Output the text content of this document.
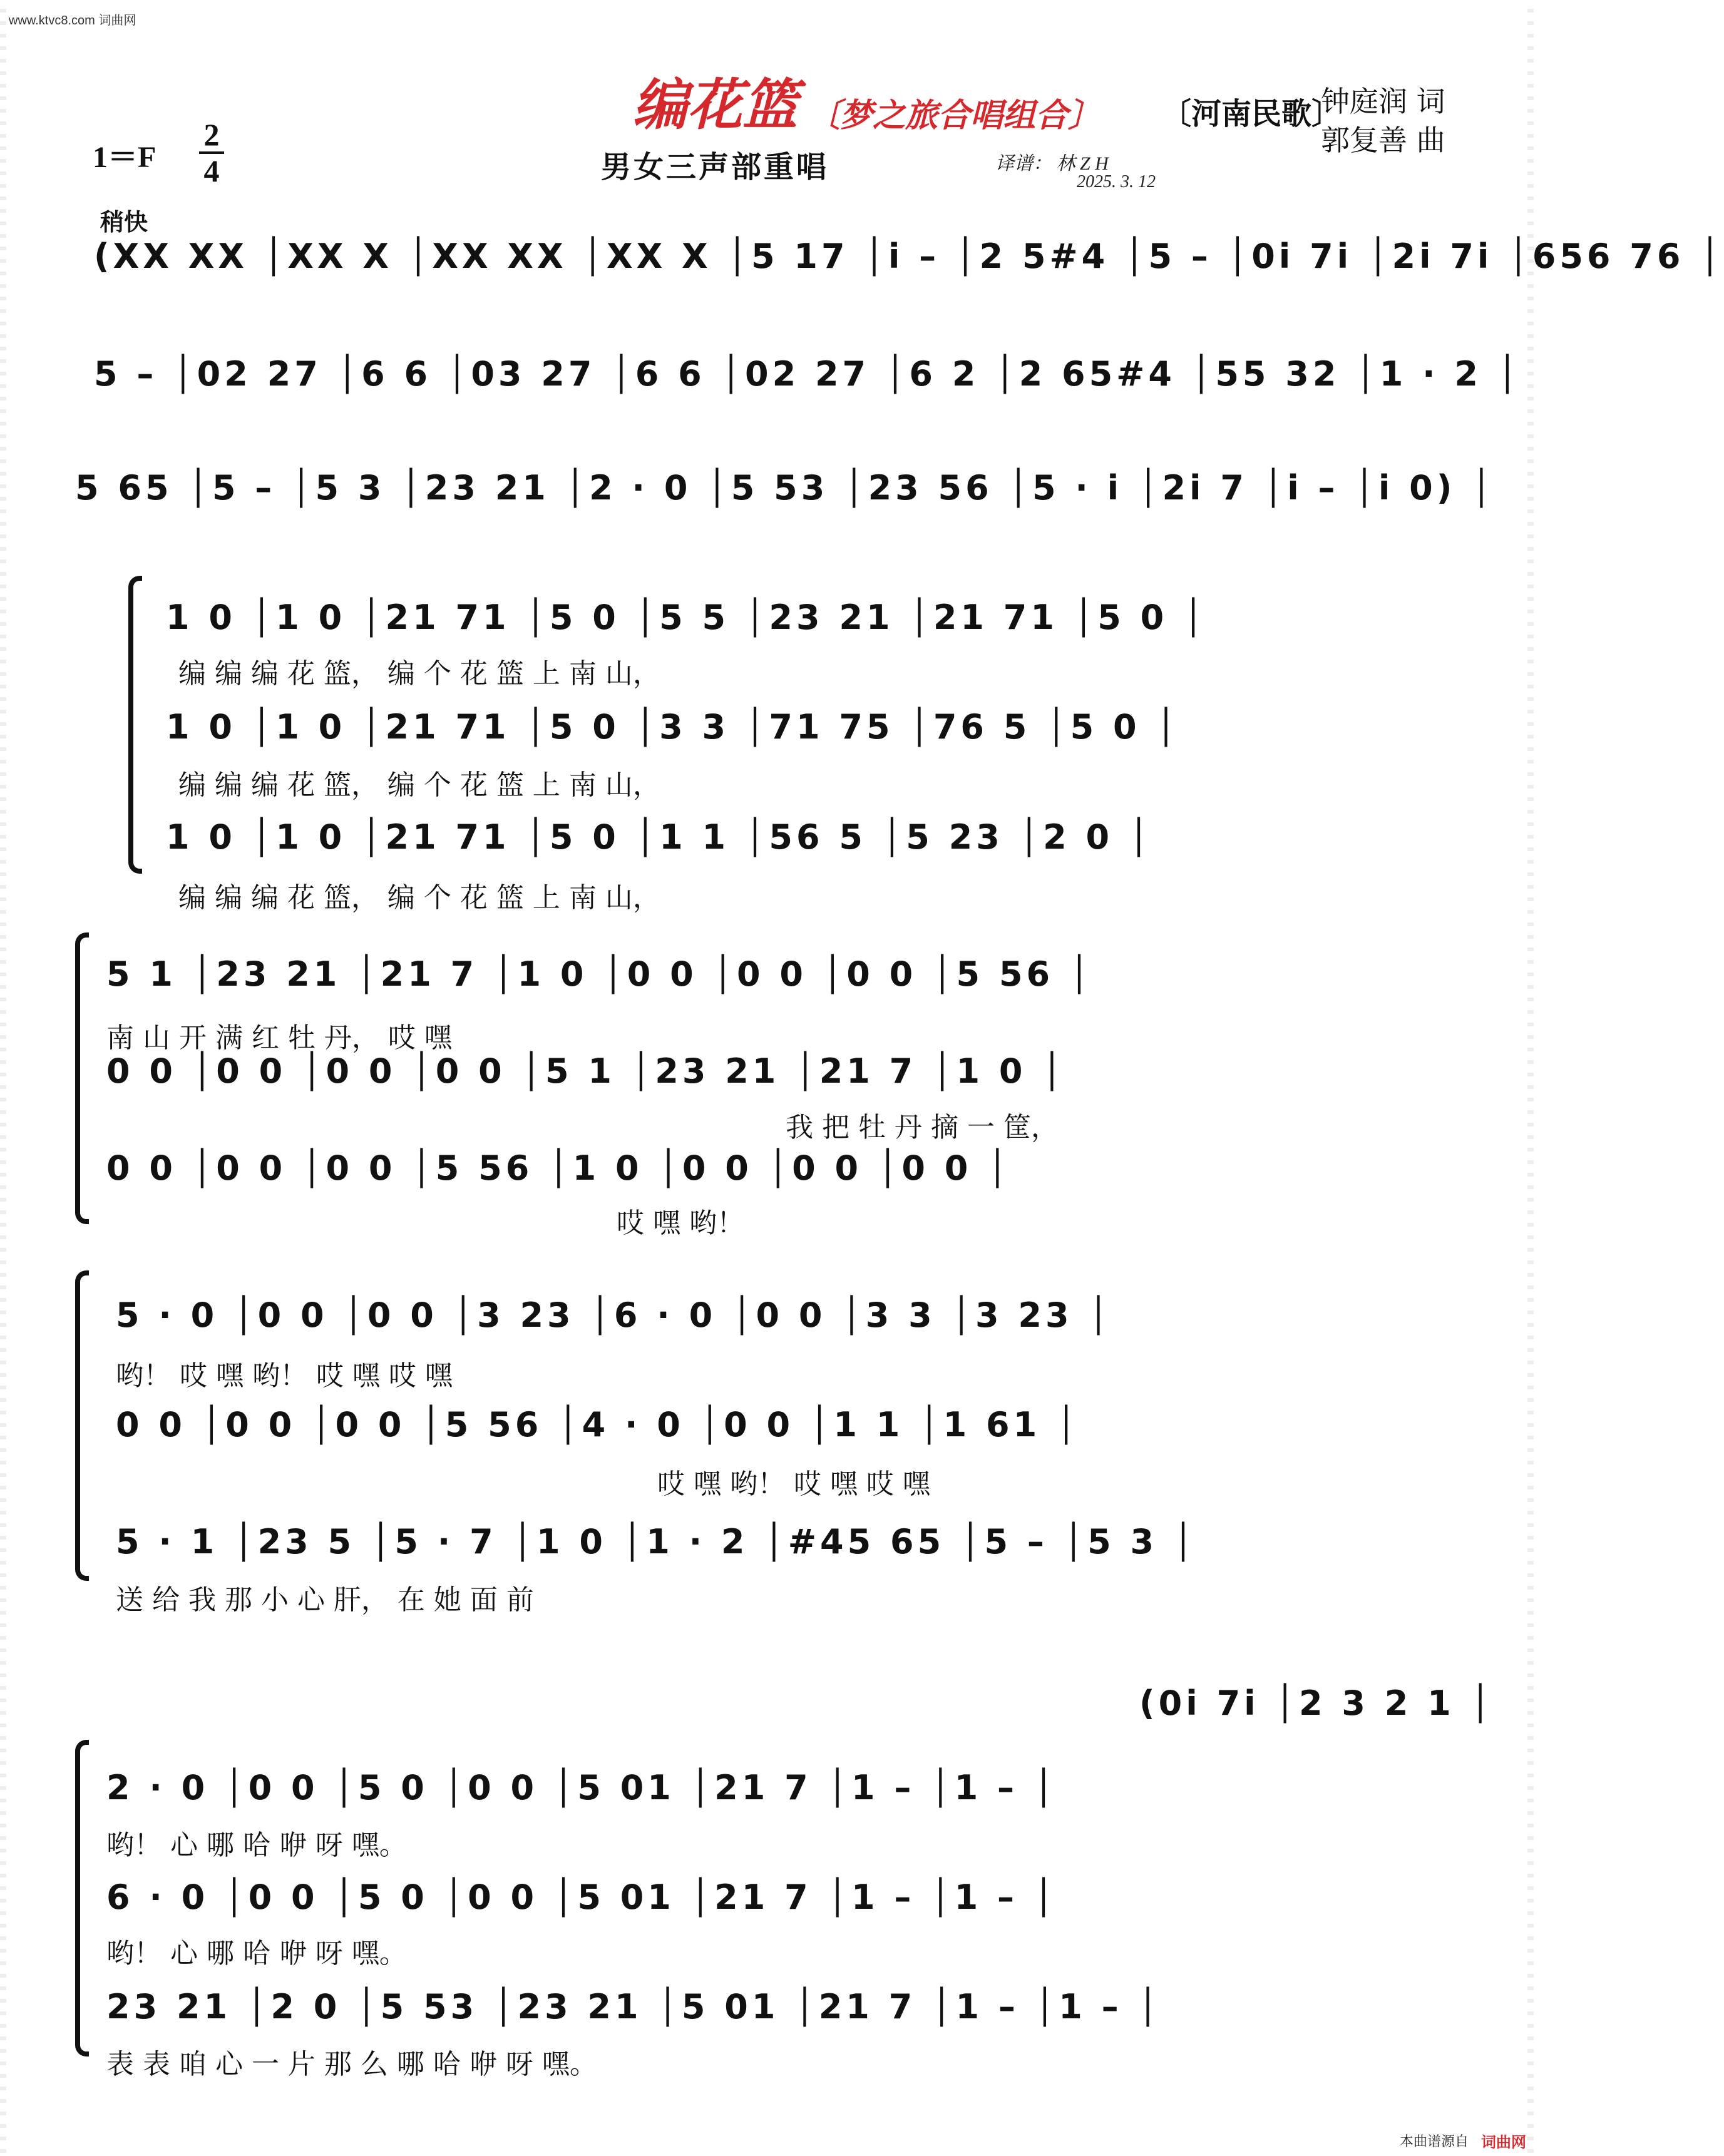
www.ktvc8.com 词曲网
编花篮 〔梦之旅合唱组合〕 〔河南民歌〕
钟庭润 词
郭复善 曲
男女三声部重唱
1＝F
2
4	译谱： 林 Z H
2025. 3. 12
稍快
(XX XX │XX X │XX XX │XX X │5 17 │i – │2 5#4 │5 – │0i 7i │2i 7i │656 76 │
5 – │02 27 │6 6 │03 27 │6 6 │02 27 │6 2 │2 65#4 │55 32 │1 · 2 │
5 65 │5 – │5 3 │23 21 │2 · 0 │5 53 │23 56 │5 · i │2i 7 │i – │i 0) │
1 0 │1 0 │21 71 │5 0 │5 5 │23 21 │21 71 │5 0 │
编 编 编 花 篮， 编 个 花 篮 上 南 山，
1 0 │1 0 │21 71 │5 0 │3 3 │71 75 │76 5 │5 0 │
编 编 编 花 篮， 编 个 花 篮 上 南 山，
1 0 │1 0 │21 71 │5 0 │1 1 │56 5 │5 23 │2 0 │
编 编 编 花 篮， 编 个 花 篮 上 南 山，
5 1 │23 21 │21 7 │1 0 │0 0 │0 0 │0 0 │5 56 │
南 山 开 满 红 牡 丹， 哎 嘿
0 0 │0 0 │0 0 │0 0 │5 1 │23 21 │21 7 │1 0 │
我 把 牡 丹 摘 一 筐，
0 0 │0 0 │0 0 │5 56 │1 0 │0 0 │0 0 │0 0 │
哎 嘿 哟！
5 · 0 │0 0 │0 0 │3 23 │6 · 0 │0 0 │3 3 │3 23 │
哟！ 哎 嘿 哟！ 哎 嘿 哎 嘿
0 0 │0 0 │0 0 │5 56 │4 · 0 │0 0 │1 1 │1 61 │
哎 嘿 哟！ 哎 嘿 哎 嘿
5 · 1 │23 5 │5 · 7 │1 0 │1 · 2 │#45 65 │5 – │5 3 │
送 给 我 那 小 心 肝， 在 她 面 前
(0i 7i │2 3 2 1 │
2 · 0 │0 0 │5 0 │0 0 │5 01 │21 7 │1 – │1 – │
哟！ 心 哪 哈 咿 呀 嘿。
6 · 0 │0 0 │5 0 │0 0 │5 01 │21 7 │1 – │1 – │
哟！ 心 哪 哈 咿 呀 嘿。
23 21 │2 0 │5 53 │23 21 │5 01 │21 7 │1 – │1 – │
表 表 咱 心 一 片 那 么 哪 哈 咿 呀 嘿。
本曲谱源自 词曲网
